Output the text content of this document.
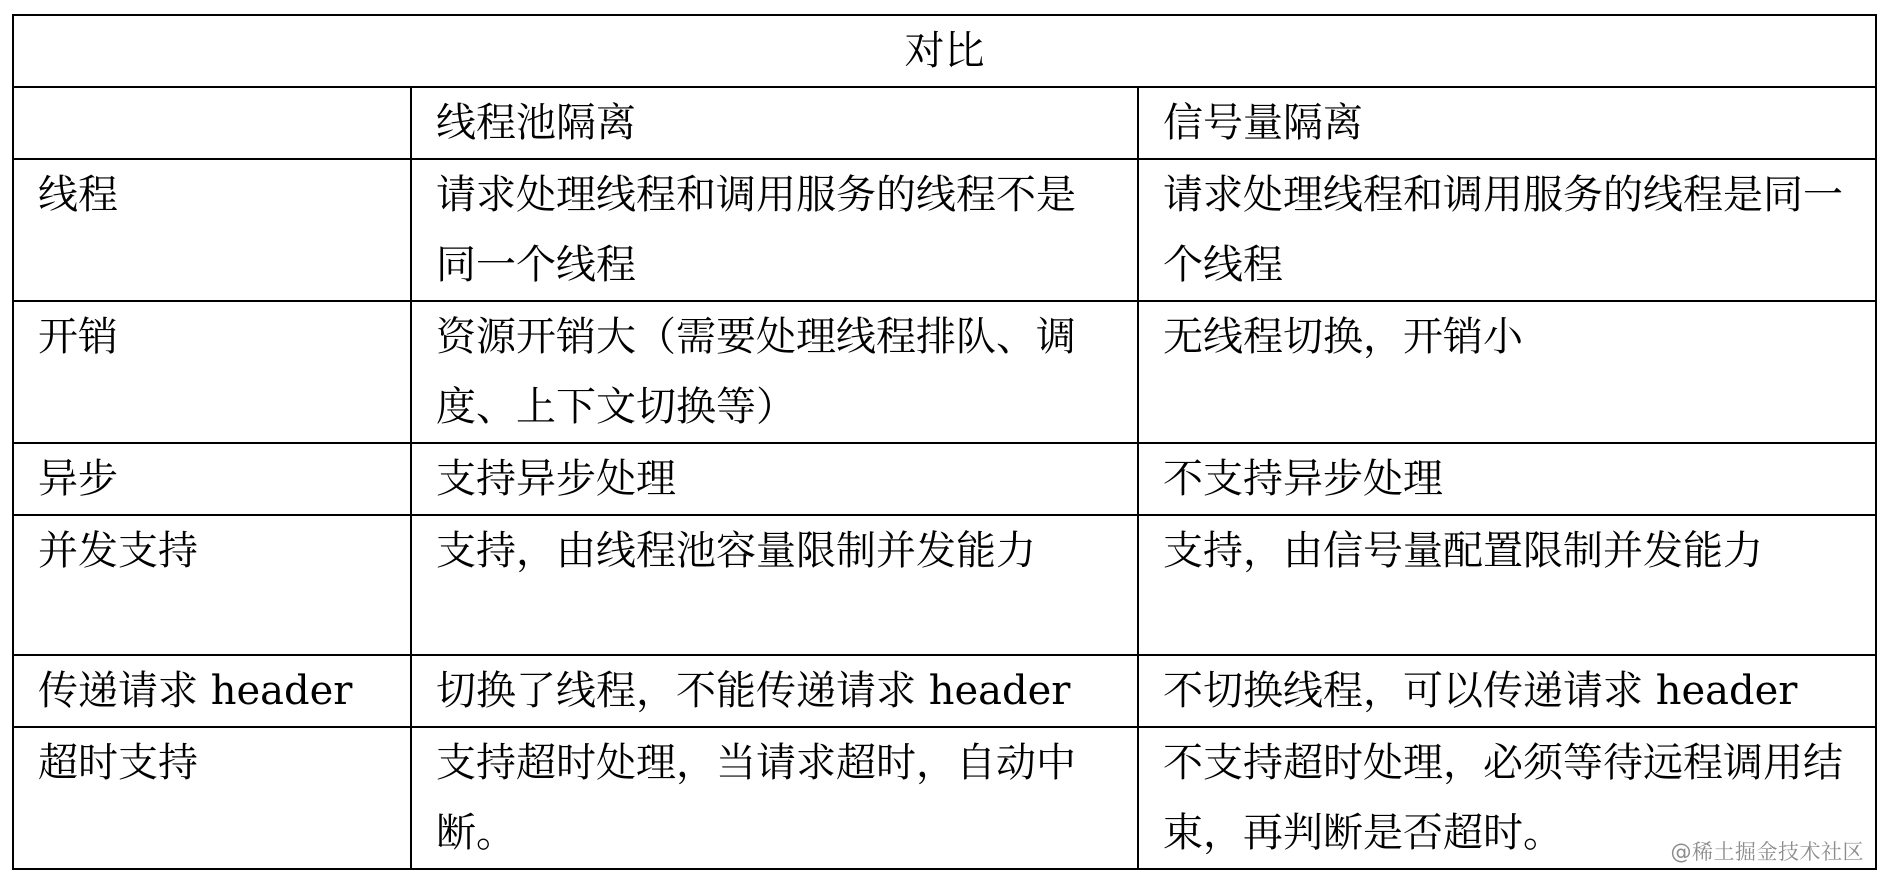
对比		
	线程池隔离	信号量隔离
线程	请求处理线程和调用服务的线程不是同一个线程	请求处理线程和调用服务的线程是同一个线程
开销	资源开销大（需要处理线程排队、调度、上下文切换等）	无线程切换，开销小
异步	支持异步处理	不支持异步处理
并发支持	支持，由线程池容量限制并发能力	支持，由信号量配置限制并发能力
传递请求 header	切换了线程，不能传递请求 header	不切换线程，可以传递请求 header
超时支持	支持超时处理，当请求超时，自动中断。	不支持超时处理，必须等待远程调用结束，再判断是否超时。	@稀土掘金技术社区
